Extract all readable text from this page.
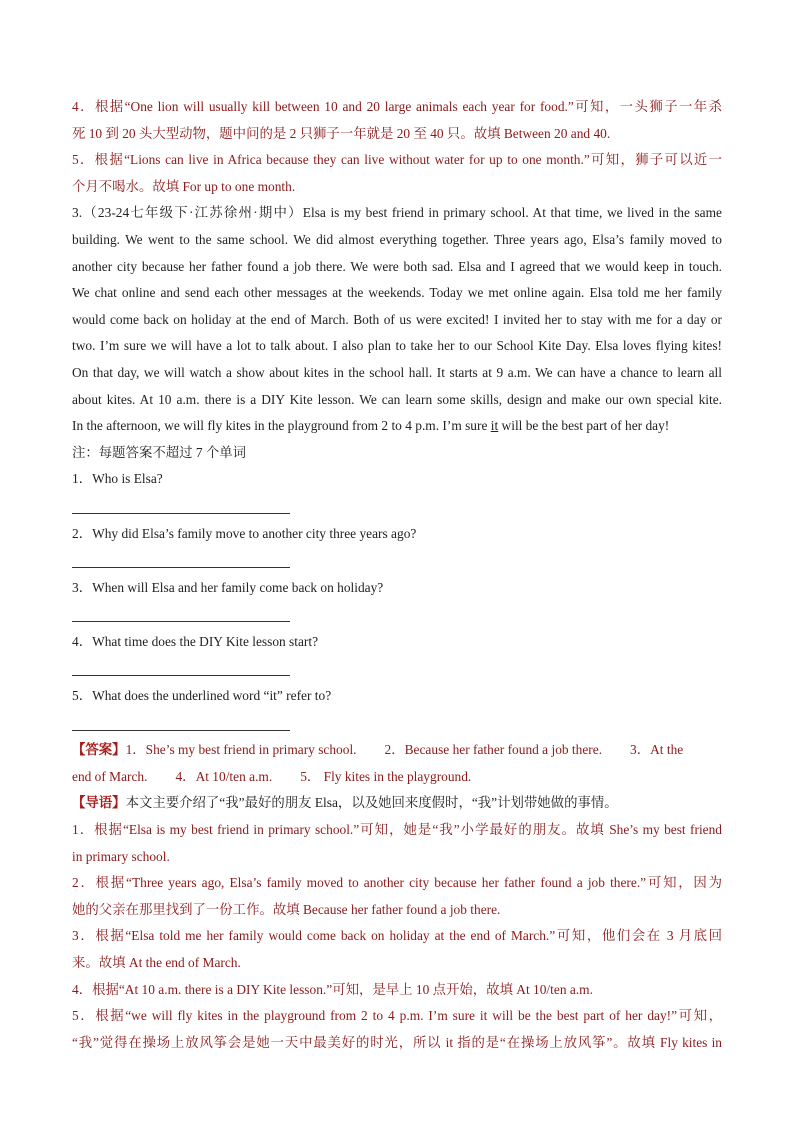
4．根据“One lion will usually kill between 10 and 20 large animals each year for food.”可知，一头狮子一年杀
死 10 到 20 头大型动物，题中问的是 2 只狮子一年就是 20 至 40 只。故填 Between 20 and 40.
5．根据“Lions can live in Africa because they can live without water for up to one month.”可知，狮子可以近一
个月不喝水。故填 For up to one month.
3.（23-24七年级下·江苏徐州·期中）Elsa is my best friend in primary school. At that time, we lived in the same
building. We went to the same school. We did almost everything together. Three years ago, Elsa’s family moved to
another city because her father found a job there. We were both sad. Elsa and I agreed that we would keep in touch.
We chat online and send each other messages at the weekends. Today we met online again. Elsa told me her family
would come back on holiday at the end of March. Both of us were excited! I invited her to stay with me for a day or
two. I’m sure we will have a lot to talk about. I also plan to take her to our School Kite Day. Elsa loves flying kites!
On that day, we will watch a show about kites in the school hall. It starts at 9 a.m. We can have a chance to learn all
about kites. At 10 a.m. there is a DIY Kite lesson. We can learn some skills, design and make our own special kite.
In the afternoon, we will fly kites in the playground from 2 to 4 p.m. I’m sure it will be the best part of her day!
注：每题答案不超过 7 个单词
1．Who is Elsa?
2．Why did Elsa’s family move to another city three years ago?
3．When will Elsa and her family come back on holiday?
4．What time does the DIY Kite lesson start?
5．What does the underlined word “it” refer to?
【答案】1．She’s my best friend in primary school. 2．Because her father found a job there. 3．At the
end of March. 4．At 10/ten a.m. 5． Fly kites in the playground.
【导语】本文主要介绍了“我”最好的朋友 Elsa，以及她回来度假时，“我”计划带她做的事情。
1．根据“Elsa is my best friend in primary school.”可知，她是“我”小学最好的朋友。故填 She’s my best friend
in primary school.
2．根据“Three years ago, Elsa’s family moved to another city because her father found a job there.”可知，因为
她的父亲在那里找到了一份工作。故填 Because her father found a job there.
3．根据“Elsa told me her family would come back on holiday at the end of March.”可知，他们会在 3 月底回
来。故填 At the end of March.
4．根据“At 10 a.m. there is a DIY Kite lesson.”可知，是早上 10 点开始，故填 At 10/ten a.m.
5．根据“we will fly kites in the playground from 2 to 4 p.m. I’m sure it will be the best part of her day!”可知，
“我”觉得在操场上放风筝会是她一天中最美好的时光，所以 it 指的是“在操场上放风筝”。故填 Fly kites in
